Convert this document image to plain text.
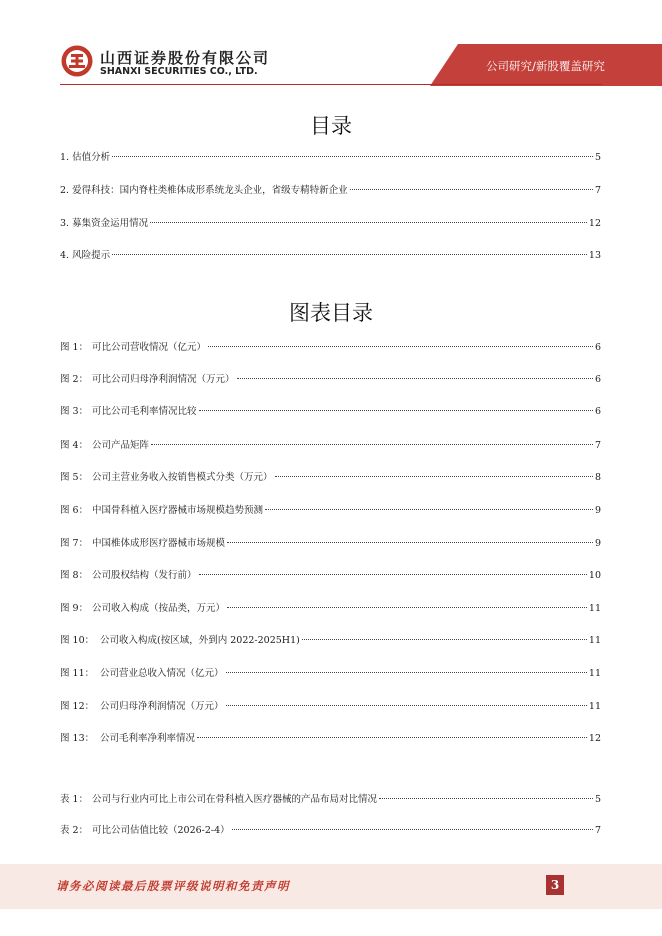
山西证券股份有限公司
SHANXI SECURITIES CO., LTD.	公司研究/新股覆盖研究
目录
1. 估值分析	5
2. 爱得科技：国内脊柱类椎体成形系统龙头企业，省级专精特新企业	7
3. 募集资金运用情况	12
4. 风险提示	13
图表目录
图 1： 可比公司营收情况（亿元）	6
图 2： 可比公司归母净利润情况（万元）	6
图 3： 可比公司毛利率情况比较	6
图 4： 公司产品矩阵	7
图 5： 公司主营业务收入按销售模式分类（万元）	8
图 6： 中国骨科植入医疗器械市场规模趋势预测	9
图 7： 中国椎体成形医疗器械市场规模	9
图 8： 公司股权结构（发行前）	10
图 9： 公司收入构成（按品类，万元）	11
图 10： 公司收入构成(按区域，外到内 2022-2025H1)	11
图 11： 公司营业总收入情况（亿元）	11
图 12： 公司归母净利润情况（万元）	11
图 13： 公司毛利率净利率情况	12
表 1： 公司与行业内可比上市公司在骨科植入医疗器械的产品布局对比情况	5
表 2： 可比公司估值比较（2026-2-4）	7
请务必阅读最后股票评级说明和免责声明	3
